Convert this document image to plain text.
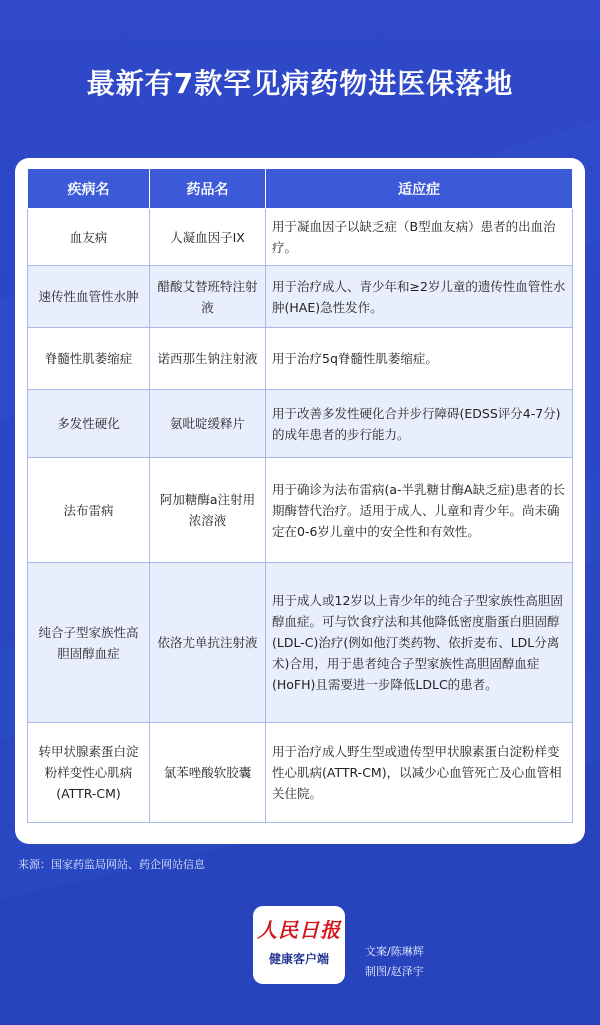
最新有7款罕见病药物进医保落地
疾病名	药品名	适应症
血友病	人凝血因子IX	用于凝血因子以缺乏症（B型血友病）患者的出血治疗。
速传性血管性水肿	醋酸艾替班特注射液	用于治疗成人、青少年和≥2岁儿童的遗传性血管性水肿(HAE)急性发作。
脊髓性肌萎缩症	诺西那生钠注射液	用于治疗5q脊髓性肌萎缩症。
多发性硬化	氨吡啶缓释片	用于改善多发性硬化合并步行障碍(EDSS评分4-7分)的成年患者的步行能力。
法布雷病	阿加糖酶a注射用浓溶液	用于确诊为法布雷病(a-半乳糖甘酶A缺乏症)患者的长期酶替代治疗。适用于成人、儿童和青少年。尚未确定在0-6岁儿童中的安全性和有效性。
纯合子型家族性高胆固醇血症	依洛尤单抗注射液	用于成人或12岁以上青少年的纯合子型家族性高胆固醇血症。可与饮食疗法和其他降低密度脂蛋白胆固醇(LDL-C)治疗(例如他汀类药物、依折麦布、LDL分离术)合用，用于患者纯合子型家族性高胆固醇血症(HoFH)且需要进一步降低LDLC的患者。
转甲状腺素蛋白淀粉样变性心肌病(ATTR-CM)	氯苯唑酸软胶囊	用于治疗成人野生型或遗传型甲状腺素蛋白淀粉样变性心肌病(ATTR-CM)，以减少心血管死亡及心血管相关住院。
来源：国家药监局网站、药企网站信息
人民日报
健康客户端
文案/陈琳辉
制图/赵泽宇
